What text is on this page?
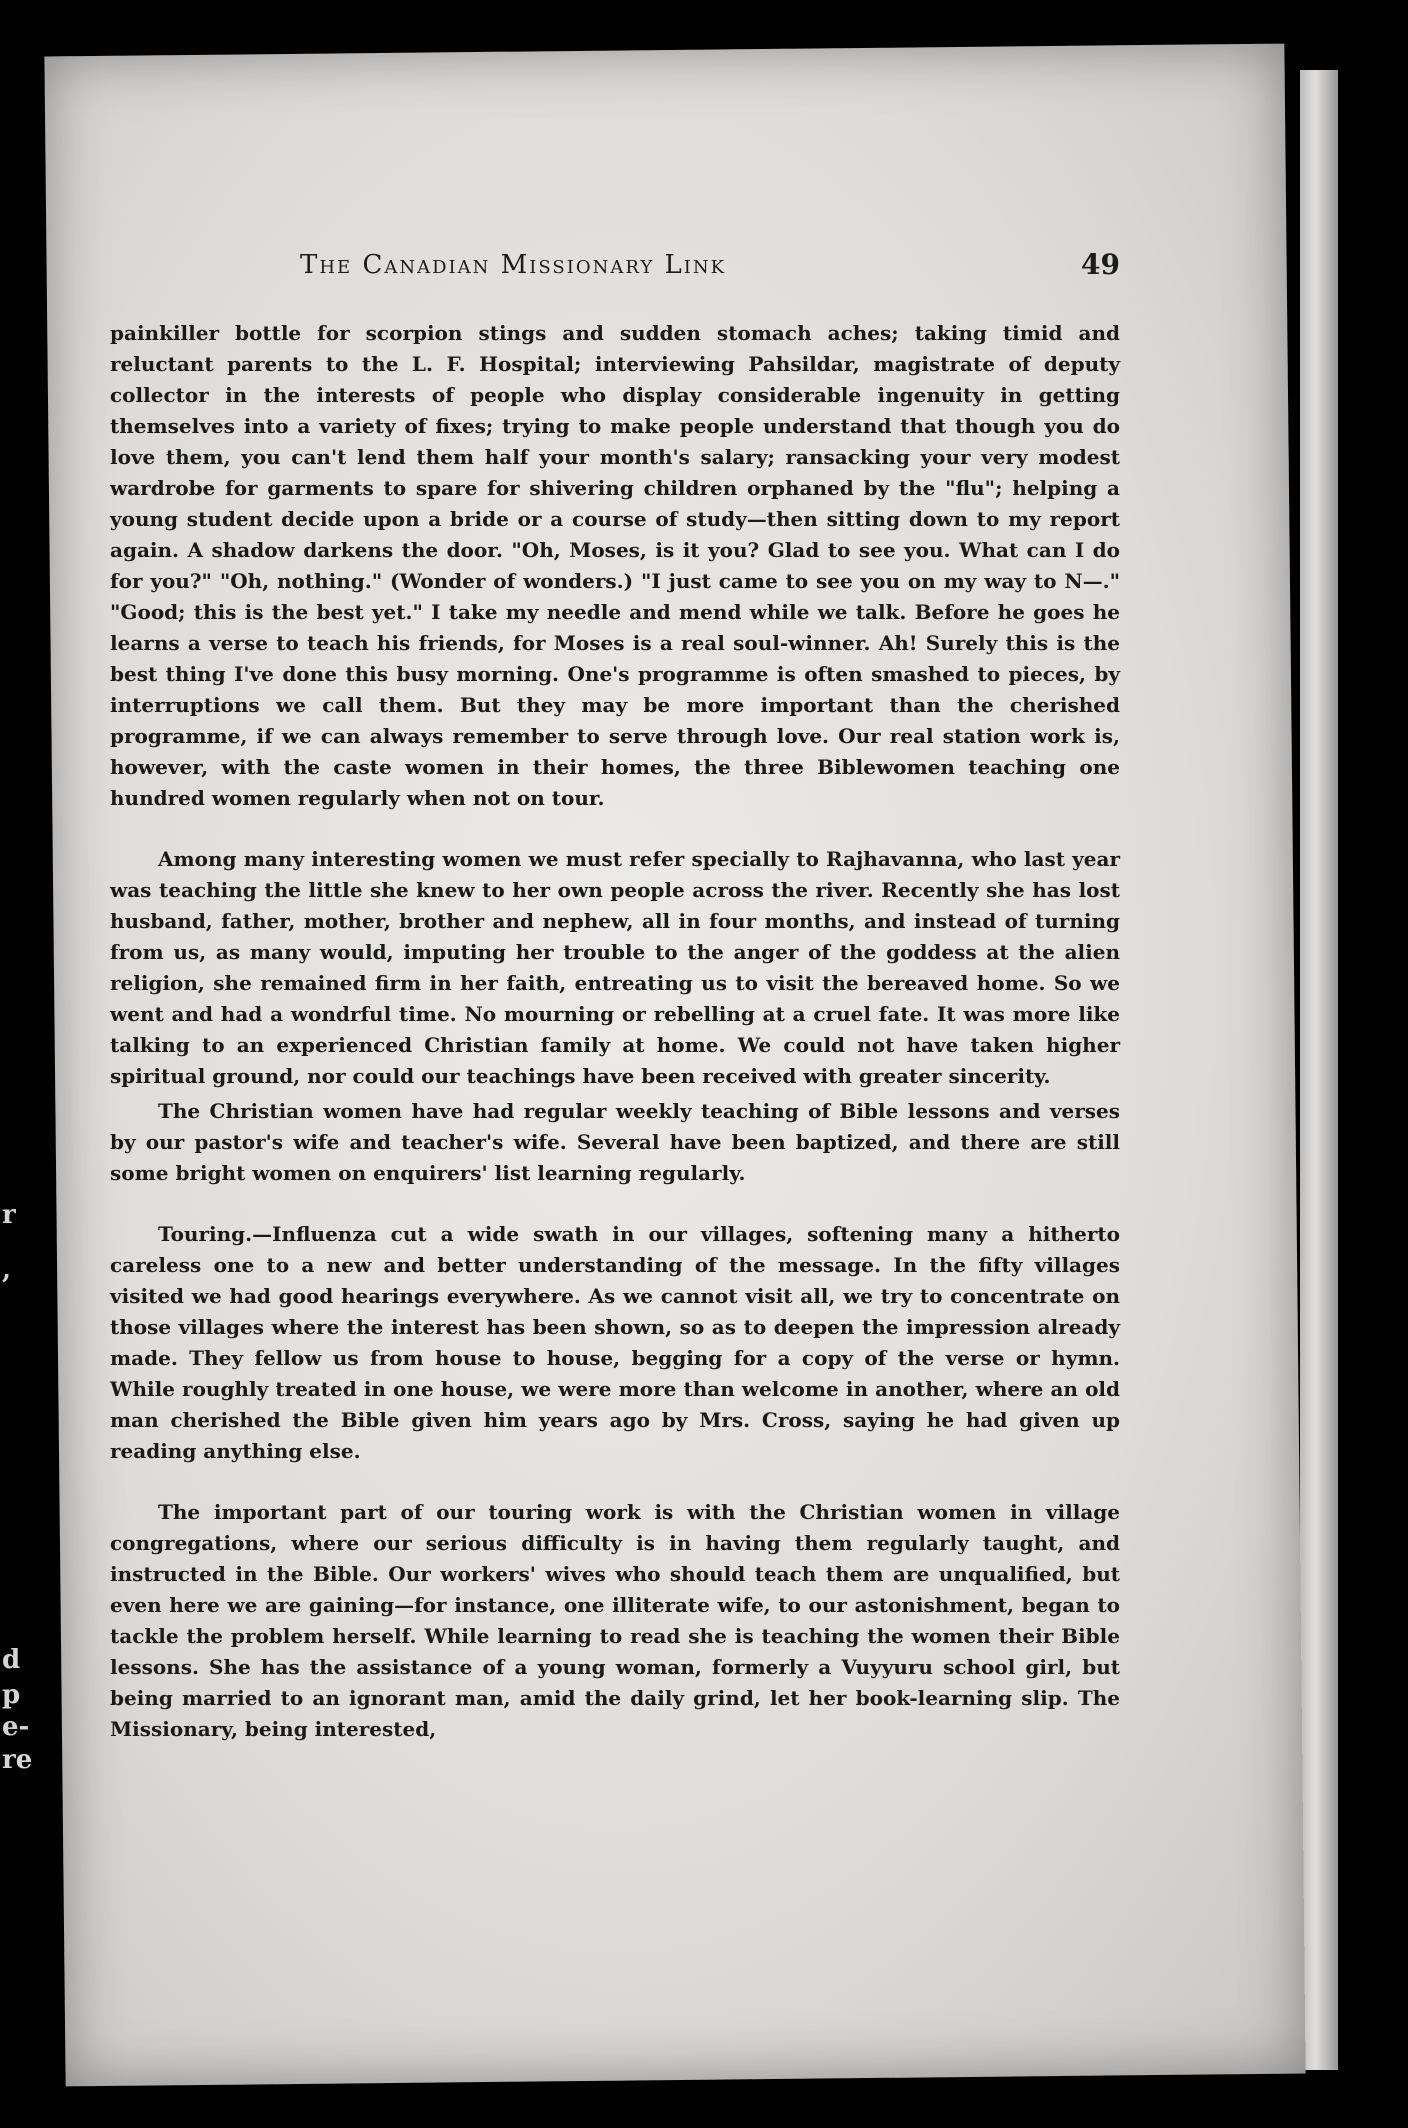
r
,
d
p
e-
re
The Canadian Missionary Link	49

painkiller bottle for scorpion stings and sudden stomach aches; taking timid and reluctant parents to the L. F. Hospital; interviewing Pahsildar, magistrate of deputy collector in the interests of people who display considerable ingenuity in getting themselves into a variety of fixes; trying to make people understand that though you do love them, you can't lend them half your month's salary; ransacking your very modest wardrobe for garments to spare for shivering children orphaned by the "flu"; helping a young student decide upon a bride or a course of study—then sitting down to my report again. A shadow darkens the door. "Oh, Moses, is it you? Glad to see you. What can I do for you?" "Oh, nothing." (Wonder of wonders.) "I just came to see you on my way to N—." "Good; this is the best yet." I take my needle and mend while we talk. Before he goes he learns a verse to teach his friends, for Moses is a real soul-winner. Ah! Surely this is the best thing I've done this busy morning. One's programme is often smashed to pieces, by interruptions we call them. But they may be more important than the cherished programme, if we can always remember to serve through love. Our real station work is, however, with the caste women in their homes, the three Biblewomen teaching one hundred women regularly when not on tour.

Among many interesting women we must refer specially to Rajhavanna, who last year was teaching the little she knew to her own people across the river. Recently she has lost husband, father, mother, brother and nephew, all in four months, and instead of turning from us, as many would, imputing her trouble to the anger of the goddess at the alien religion, she remained firm in her faith, entreating us to visit the bereaved home. So we went and had a wondrful time. No mourning or rebelling at a cruel fate. It was more like talking to an experienced Christian family at home. We could not have taken higher spiritual ground, nor could our teachings have been received with greater sincerity.

The Christian women have had regular weekly teaching of Bible lessons and verses by our pastor's wife and teacher's wife. Several have been baptized, and there are still some bright women on enquirers' list learning regularly.

Touring.—Influenza cut a wide swath in our villages, softening many a hitherto careless one to a new and better understanding of the message. In the fifty villages visited we had good hearings everywhere. As we cannot visit all, we try to concentrate on those villages where the interest has been shown, so as to deepen the impression already made. They fellow us from house to house, begging for a copy of the verse or hymn. While roughly treated in one house, we were more than welcome in another, where an old man cherished the Bible given him years ago by Mrs. Cross, saying he had given up reading anything else.

The important part of our touring work is with the Christian women in village congregations, where our serious difficulty is in having them regularly taught, and instructed in the Bible. Our workers' wives who should teach them are unqualified, but even here we are gaining—for instance, one illiterate wife, to our astonishment, began to tackle the problem herself. While learning to read she is teaching the women their Bible lessons. She has the assistance of a young woman, formerly a Vuyyuru school girl, but being married to an ignorant man, amid the daily grind, let her book-learning slip. The Missionary, being interested,
